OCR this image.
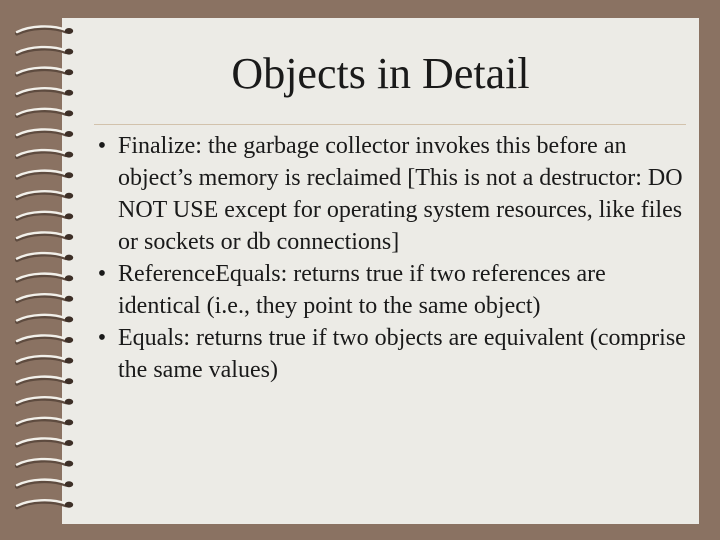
Objects in Detail
• Finalize: the garbage collector invokes this before an object’s memory is reclaimed [This is not a destructor: DO NOT USE except for operating system resources, like files or sockets or db connections]
• ReferenceEquals: returns true if two references are identical (i.e., they point to the same object)
• Equals: returns true if two objects are equivalent (comprise the same values)
